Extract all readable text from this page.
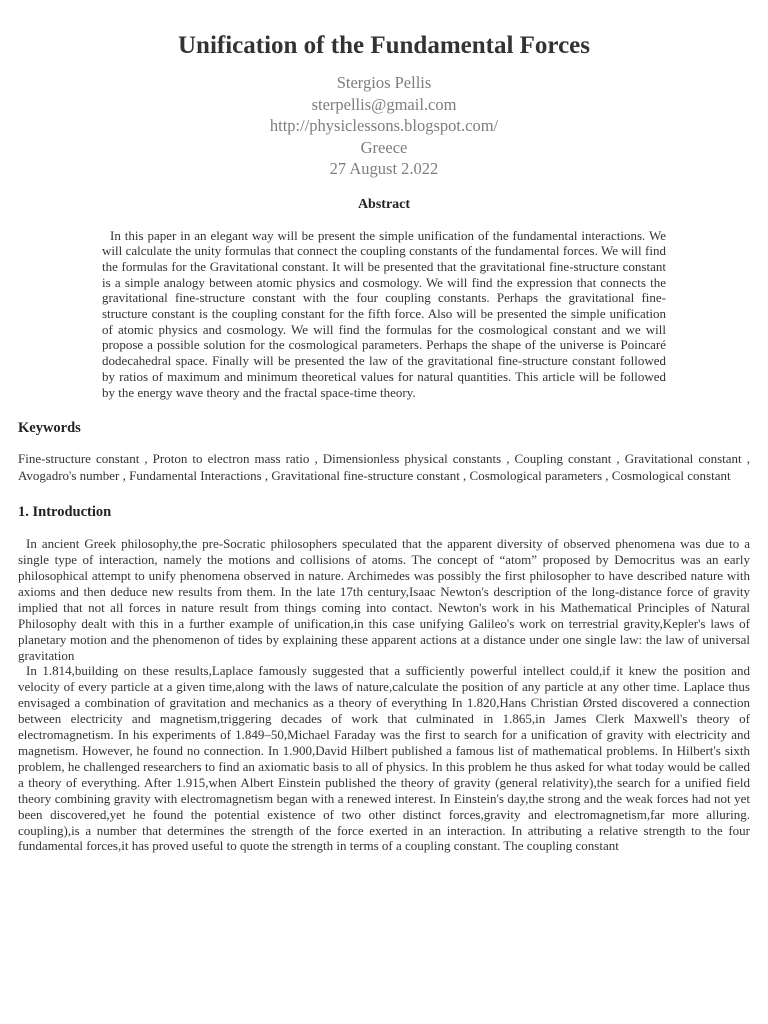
Unification of the Fundamental Forces
Stergios Pellis
sterpellis@gmail.com
http://physiclessons.blogspot.com/
Greece
27 August 2.022
Abstract

In this paper in an elegant way will be present the simple unification of the fundamental interactions. We will calculate the unity formulas that connect the coupling constants of the fundamental forces. We will find the formulas for the Gravitational constant. It will be presented that the gravitational fine-structure constant is a simple analogy between atomic physics and cosmology. We will find the expression that connects the gravitational fine-structure constant with the four coupling constants. Perhaps the gravitational fine-structure constant is the coupling constant for the fifth force. Also will be presented the simple unification of atomic physics and cosmology. We will find the formulas for the cosmological constant and we will propose a possible solution for the cosmological parameters. Perhaps the shape of the universe is Poincaré dodecahedral space. Finally will be presented the law of the gravitational fine-structure constant followed by ratios of maximum and minimum theoretical values for natural quantities. This article will be followed by the energy wave theory and the fractal space-time theory.

Keywords
Fine-structure constant , Proton to electron mass ratio , Dimensionless physical constants , Coupling constant , Gravitational constant , Avogadro's number , Fundamental Interactions , Gravitational fine-structure constant , Cosmological parameters , Cosmological constant
1. Introduction

In ancient Greek philosophy,the pre-Socratic philosophers speculated that the apparent diversity of observed phenomena was due to a single type of interaction, namely the motions and collisions of atoms. The concept of “atom” proposed by Democritus was an early philosophical attempt to unify phenomena observed in nature. Archimedes was possibly the first philosopher to have described nature with axioms and then deduce new results from them. In the late 17th century,Isaac Newton's description of the long-distance force of gravity implied that not all forces in nature result from things coming into contact. Newton's work in his Mathematical Principles of Natural Philosophy dealt with this in a further example of unification,in this case unifying Galileo's work on terrestrial gravity,Kepler's laws of planetary motion and the phenomenon of tides by explaining these apparent actions at a distance under one single law: the law of universal gravitation

In 1.814,building on these results,Laplace famously suggested that a sufficiently powerful intellect could,if it knew the position and velocity of every particle at a given time,along with the laws of nature,calculate the position of any particle at any other time. Laplace thus envisaged a combination of gravitation and mechanics as a theory of everything In 1.820,Hans Christian Ørsted discovered a connection between electricity and magnetism,triggering decades of work that culminated in 1.865,in James Clerk Maxwell's theory of electromagnetism. In his experiments of 1.849–50,Michael Faraday was the first to search for a unification of gravity with electricity and magnetism. However, he found no connection. In 1.900,David Hilbert published a famous list of mathematical problems. In Hilbert's sixth problem, he challenged researchers to find an axiomatic basis to all of physics. In this problem he thus asked for what today would be called a theory of everything. After 1.915,when Albert Einstein published the theory of gravity (general relativity),the search for a unified field theory combining gravity with electromagnetism began with a renewed interest. In Einstein's day,the strong and the weak forces had not yet been discovered,yet he found the potential existence of two other distinct forces,gravity and electromagnetism,far more alluring. coupling),is a number that determines the strength of the force exerted in an interaction. In attributing a relative strength to the four fundamental forces,it has proved useful to quote the strength in terms of a coupling constant. The coupling constant
